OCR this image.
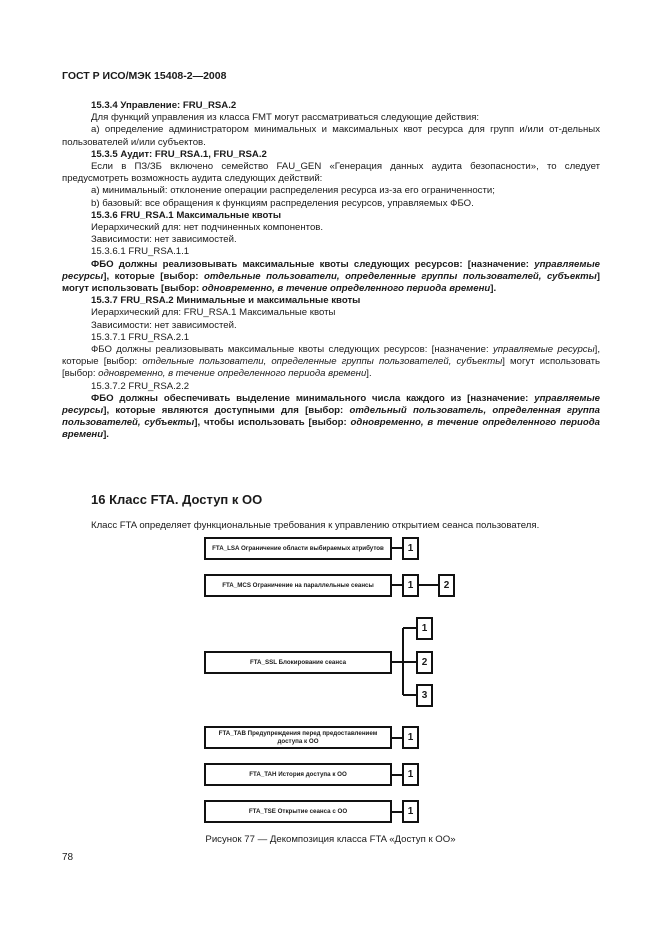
ГОСТ Р ИСО/МЭК 15408-2—2008
15.3.4 Управление: FRU_RSA.2
Для функций управления из класса FMT могут рассматриваться следующие действия:
а) определение администратором минимальных и максимальных квот ресурса для групп и/или от-дельных пользователей и/или субъектов.
15.3.5 Аудит: FRU_RSA.1, FRU_RSA.2
Если в ПЗ/ЗБ включено семейство FAU_GEN «Генерация данных аудита безопасности», то следует предусмотреть возможность аудита следующих действий:
а) минимальный: отклонение операции распределения ресурса из-за его ограниченности;
b) базовый: все обращения к функциям распределения ресурсов, управляемых ФБО.
15.3.6 FRU_RSA.1 Максимальные квоты
Иерархический для: нет подчиненных компонентов.
Зависимости: нет зависимостей.
15.3.6.1 FRU_RSA.1.1
ФБО должны реализовывать максимальные квоты следующих ресурсов: [назначение: управляемые ресурсы], которые [выбор: отдельные пользователи, определенные группы пользователей, субъекты] могут использовать [выбор: одновременно, в течение определенного периода времени].
15.3.7 FRU_RSA.2 Минимальные и максимальные квоты
Иерархический для: FRU_RSA.1 Максимальные квоты
Зависимости: нет зависимостей.
15.3.7.1 FRU_RSA.2.1
ФБО должны реализовывать максимальные квоты следующих ресурсов: [назначение: управляемые ресурсы], которые [выбор: отдельные пользователи, определенные группы пользователей, субъекты] могут использовать [выбор: одновременно, в течение определенного периода времени].
15.3.7.2 FRU_RSA.2.2
ФБО должны обеспечивать выделение минимального числа каждого из [назначение: управляемые ресурсы], которые являются доступными для [выбор: отдельный пользователь, определенная группа пользователей, субъекты], чтобы использовать [выбор: одновременно, в течение определенного периода времени].
16 Класс FTA. Доступ к ОО
Класс FTA определяет функциональные требования к управлению открытием сеанса пользователя.
FTA_LSA Ограничение области выбираемых атрибутов
FTA_MCS Ограничение на параллельные сеансы
FTA_SSL Блокирование сеанса
FTA_TAB Предупреждения перед предоставлением доступа к ОО
FTA_TAH История доступа к ОО
FTA_TSE Открытие сеанса с ОО
1
1	2
1
2
3
1
1
1
Рисунок 77 — Декомпозиция класса FTA «Доступ к ОО»
78
